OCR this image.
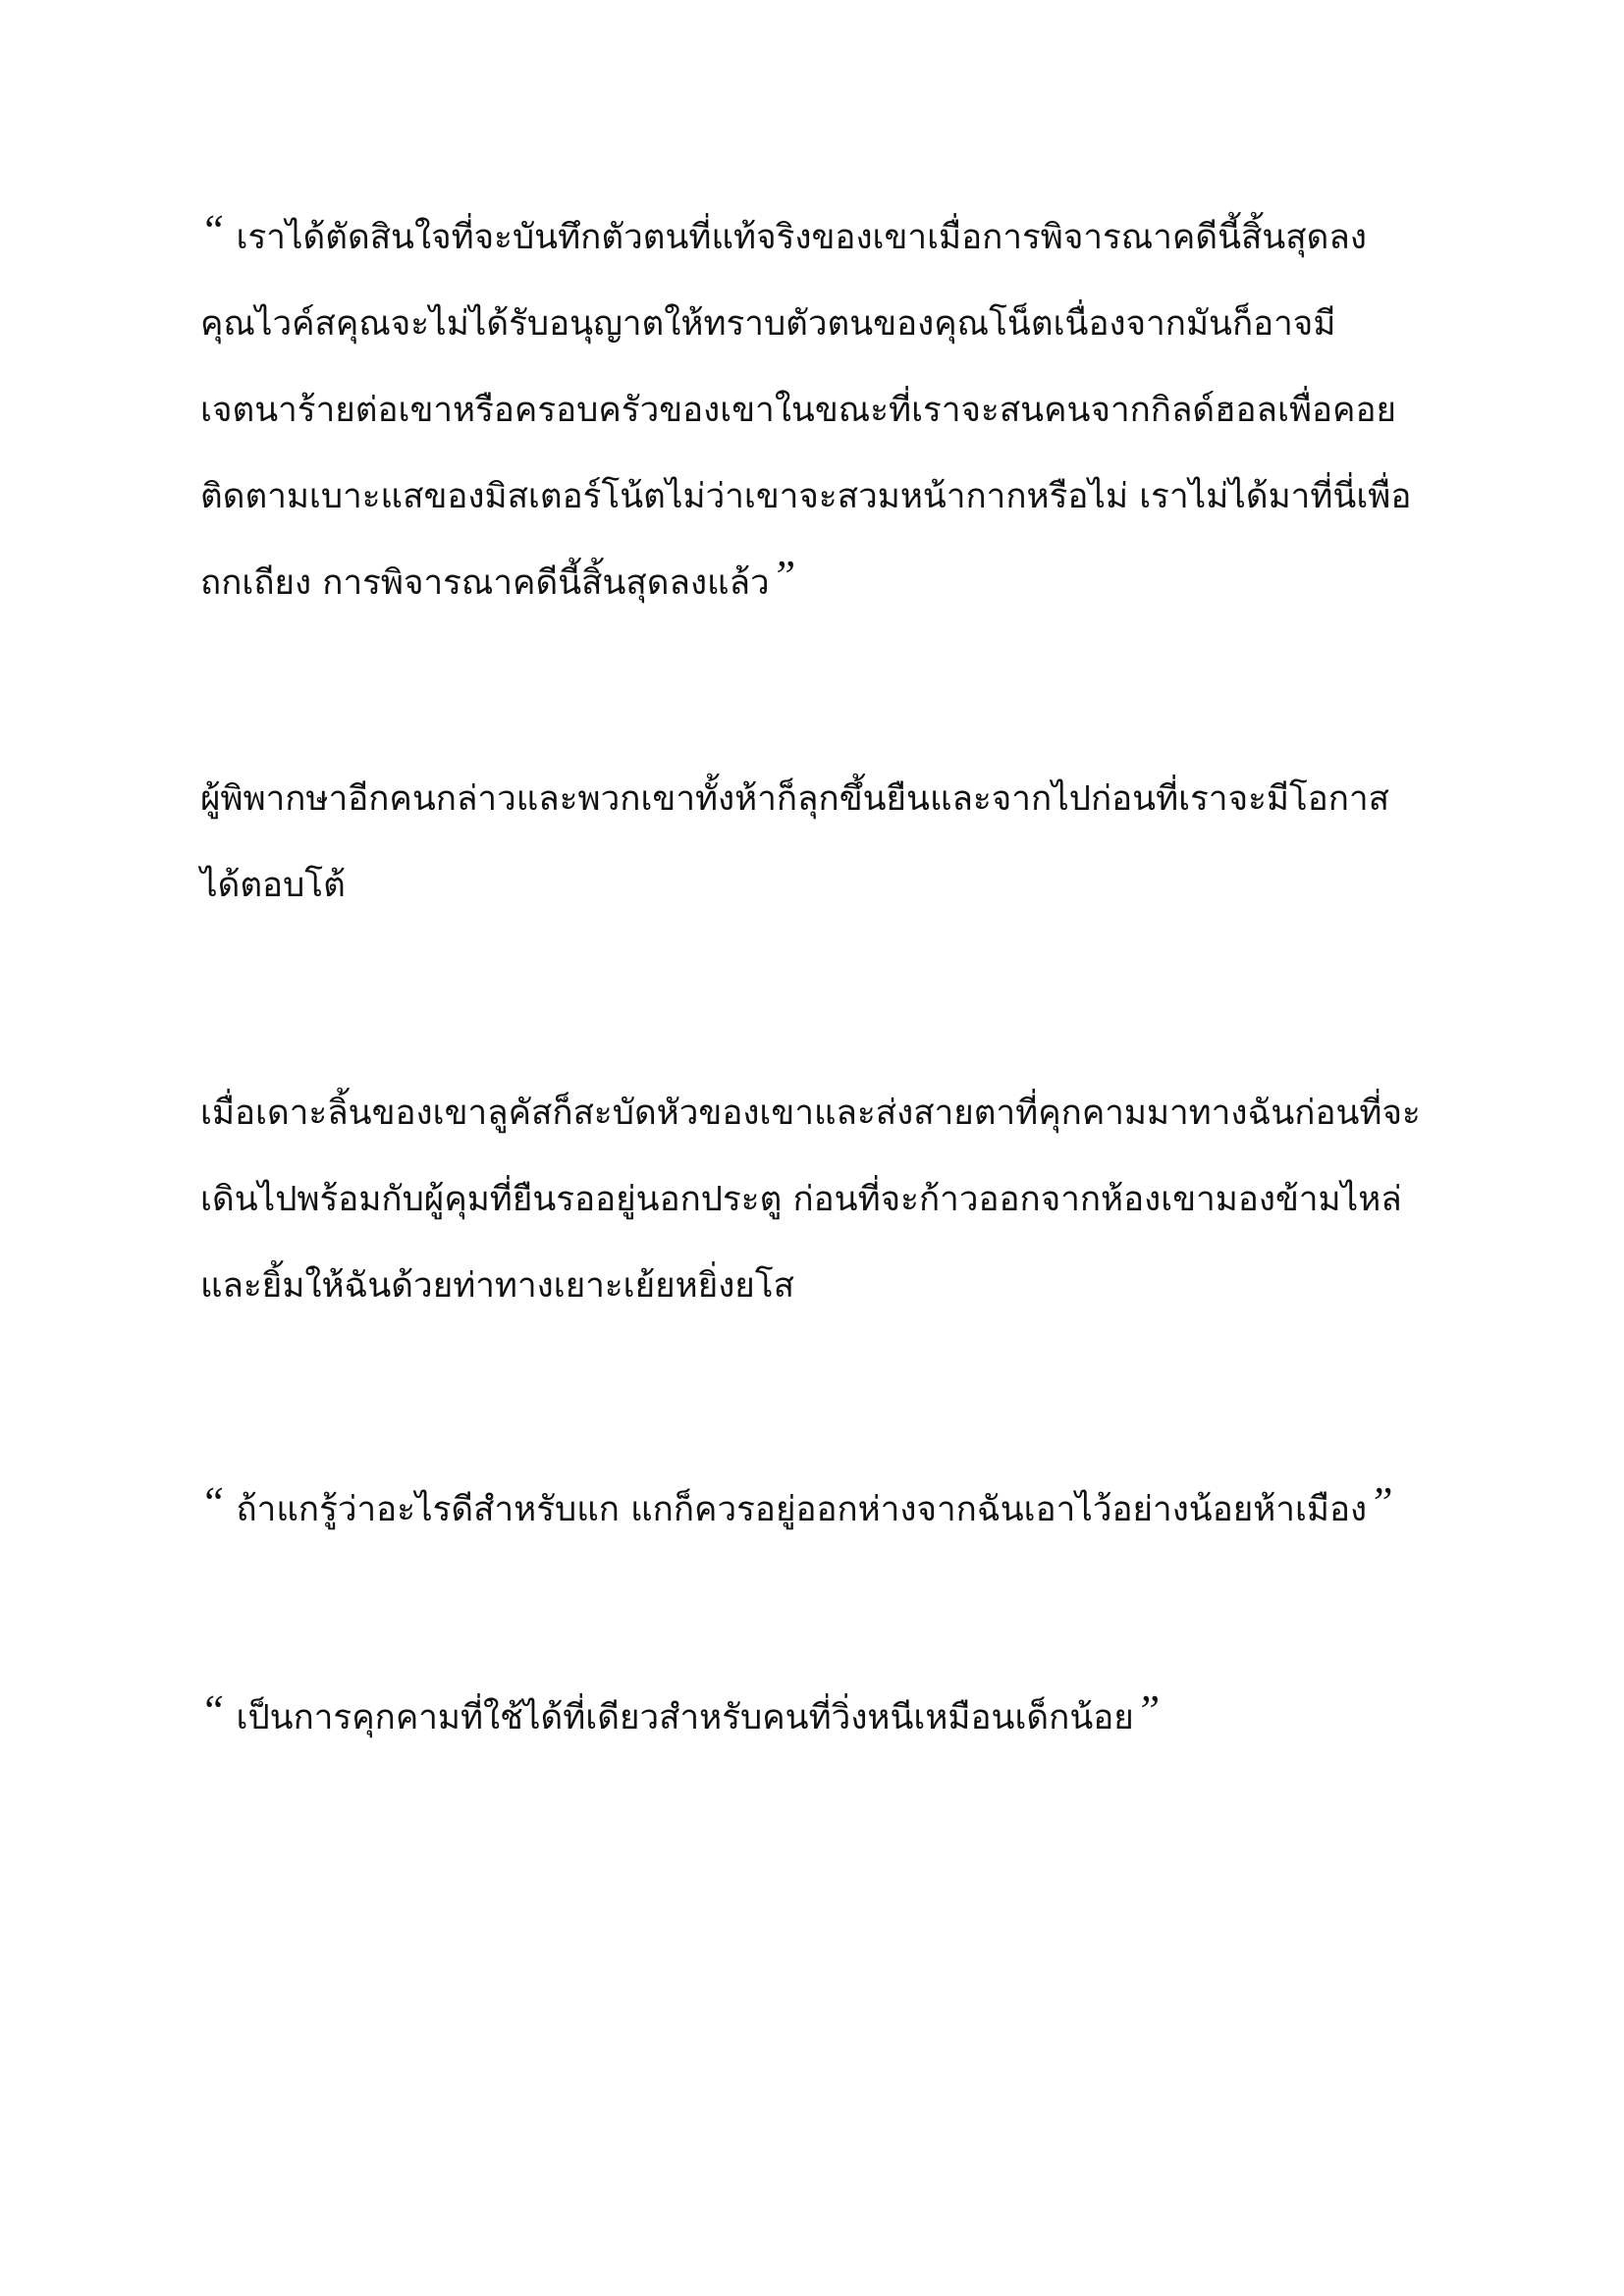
“ เราได้ตัดสินใจที่จะบันทึกตัวตนที่แท้จริงของเขาเมื่อการพิจารณาคดีนี้สิ้นสุดลง
คุณไวค์สคุณจะไม่ได้รับอนุญาตให้ทราบตัวตนของคุณโน็ตเนื่องจากมันก็อาจมี
เจตนาร้ายต่อเขาหรือครอบครัวของเขาในขณะที่เราจะสนคนจากกิลด์ฮอลเพื่อคอย
ติดตามเบาะแสของมิสเตอร์โน้ตไม่ว่าเขาจะสวมหน้ากากหรือไม่ เราไม่ได้มาที่นี่เพื่อ
ถกเถียง การพิจารณาคดีนี้สิ้นสุดลงแล้ว”

ผู้พิพากษาอีกคนกล่าวและพวกเขาทั้งห้าก็ลุกขึ้นยืนและจากไปก่อนที่เราจะมีโอกาส
ได้ตอบโต้

เมื่อเดาะลิ้นของเขาลูคัสก็สะบัดหัวของเขาและส่งสายตาที่คุกคามมาทางฉันก่อนที่จะ
เดินไปพร้อมกับผู้คุมที่ยืนรออยู่นอกประตู ก่อนที่จะก้าวออกจากห้องเขามองข้ามไหล่
และยิ้มให้ฉันด้วยท่าทางเยาะเย้ยหยิ่งยโส

“ ถ้าแกรู้ว่าอะไรดีสำหรับแก แกก็ควรอยู่ออกห่างจากฉันเอาไว้อย่างน้อยห้าเมือง”

“ เป็นการคุกคามที่ใช้ได้ที่เดียวสำหรับคนที่วิ่งหนีเหมือนเด็กน้อย”
